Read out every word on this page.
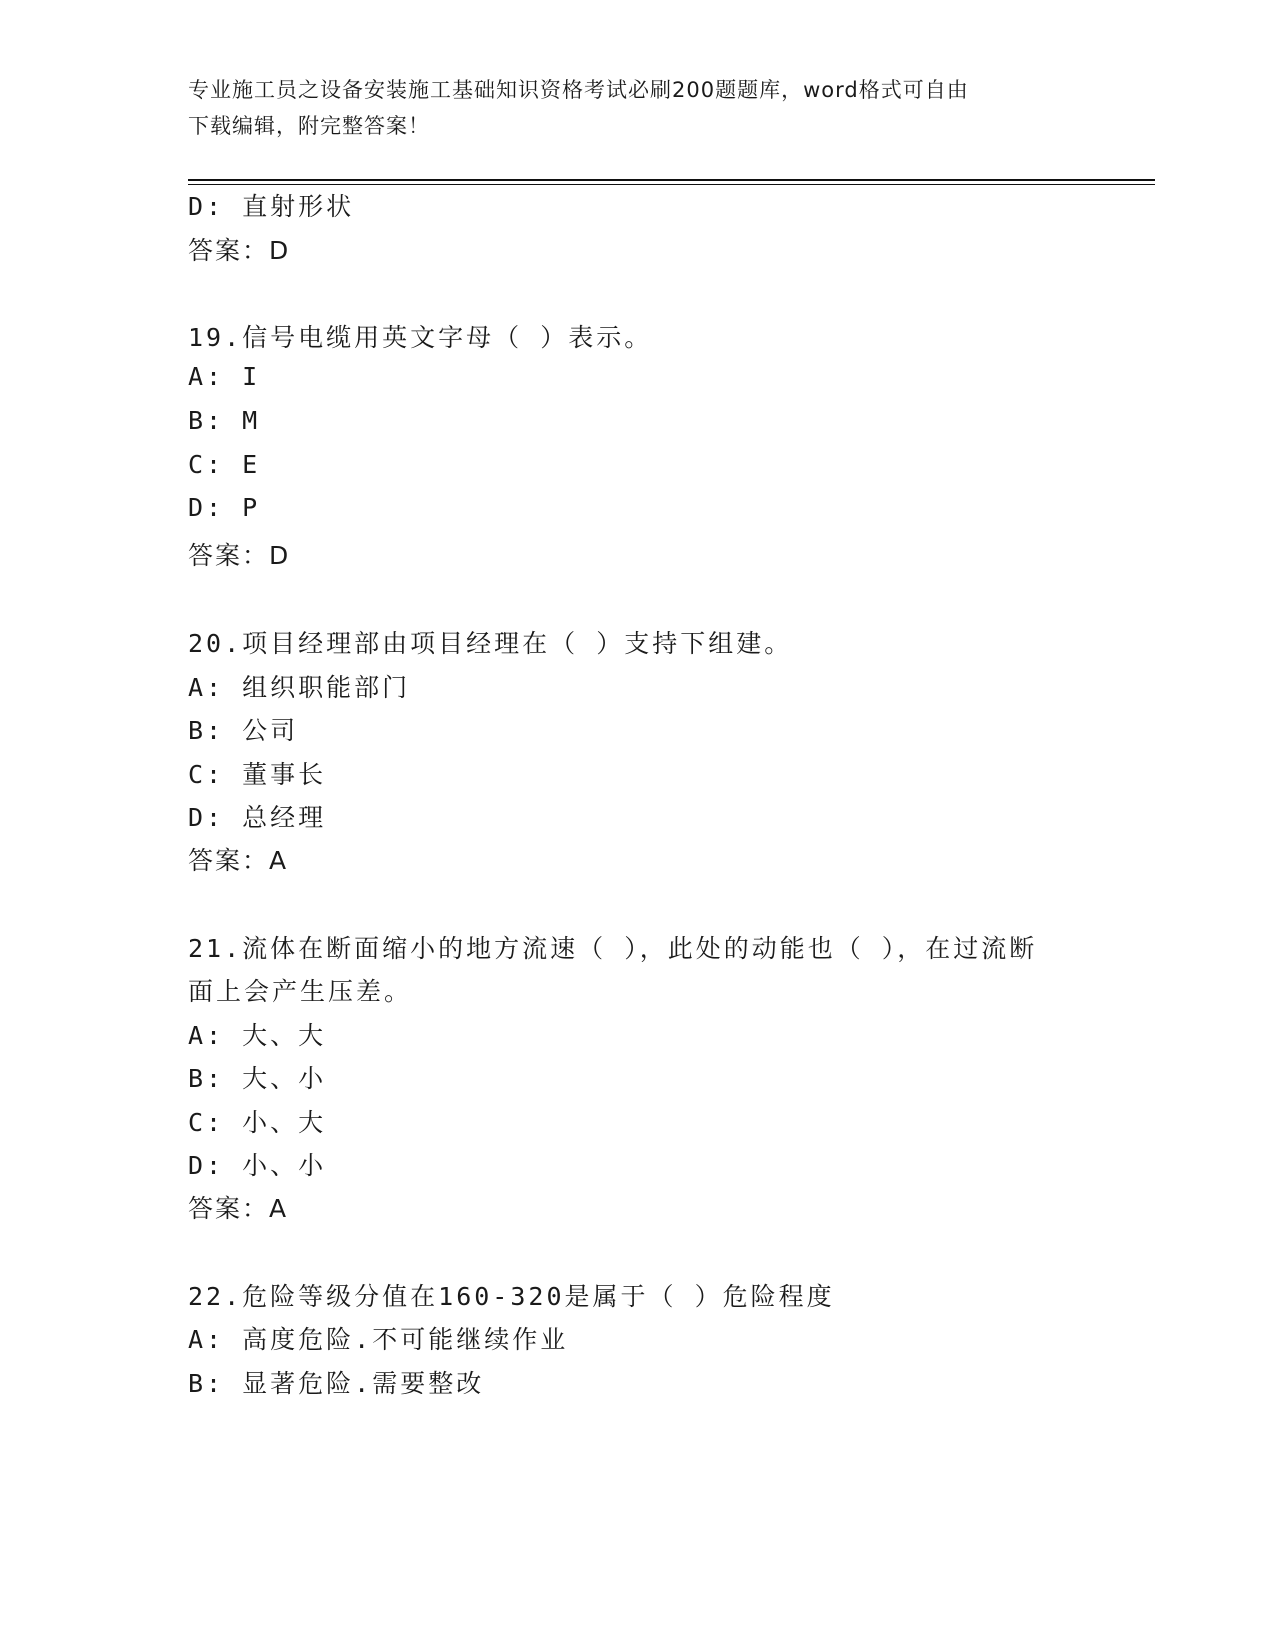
专业施工员之设备安装施工基础知识资格考试必刷200题题库，word格式可自由
下载编辑，附完整答案！
D: 直射形状
答案：D
19.信号电缆用英文字母（ ）表示。
A: I
B: M
C: E
D: P
答案：D
20.项目经理部由项目经理在（ ）支持下组建。
A: 组织职能部门
B: 公司
C: 董事长
D: 总经理
答案：A
21.流体在断面缩小的地方流速（ ），此处的动能也（ ），在过流断
面上会产生压差。
A: 大、大
B: 大、小
C: 小、大
D: 小、小
答案：A
22.危险等级分值在160-320是属于（ ）危险程度
A: 高度危险.不可能继续作业
B: 显著危险.需要整改
